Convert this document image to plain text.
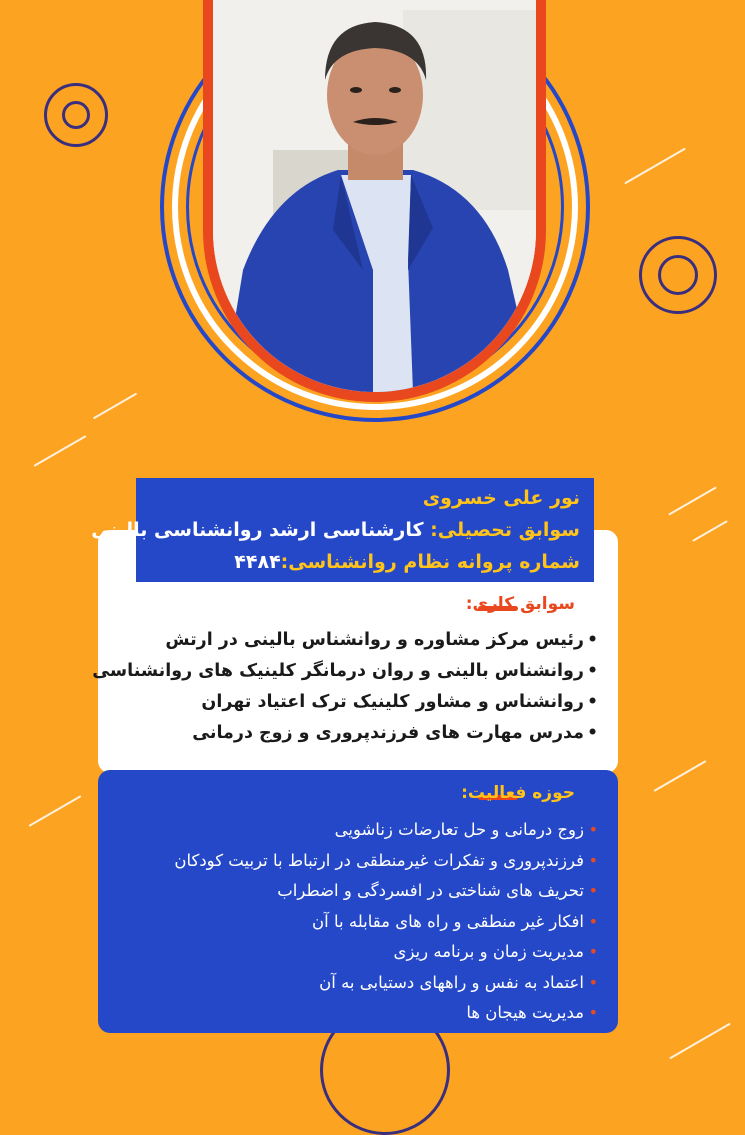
نور علی خسروی
سوابق تحصیلی: کارشناسی ارشد روانشناسی بالینی
شماره پروانه نظام روانشناسی:۴۴۸۴
سوابق کاری:
•
رئیس مرکز مشاوره و روانشناس بالینی در ارتش
•
روانشناس بالینی و روان درمانگر کلینیک های روانشناسی
•
روانشناس و مشاور کلینیک ترک اعتیاد تهران
•
مدرس مهارت های فرزندپروری و زوج درمانی
حوزه فعالیت:
•
زوج درمانی و حل تعارضات زناشویی
•
فرزندپروری و تفکرات غیرمنطقی در ارتباط با تربیت کودکان
•
تحریف های شناختی در افسردگی و اضطراب
•
افکار غیر منطقی و راه های مقابله با آن
•
مدیریت زمان و برنامه ریزی
•
اعتماد به نفس و راههای دستیابی به آن
•
مدیریت هیجان ها
